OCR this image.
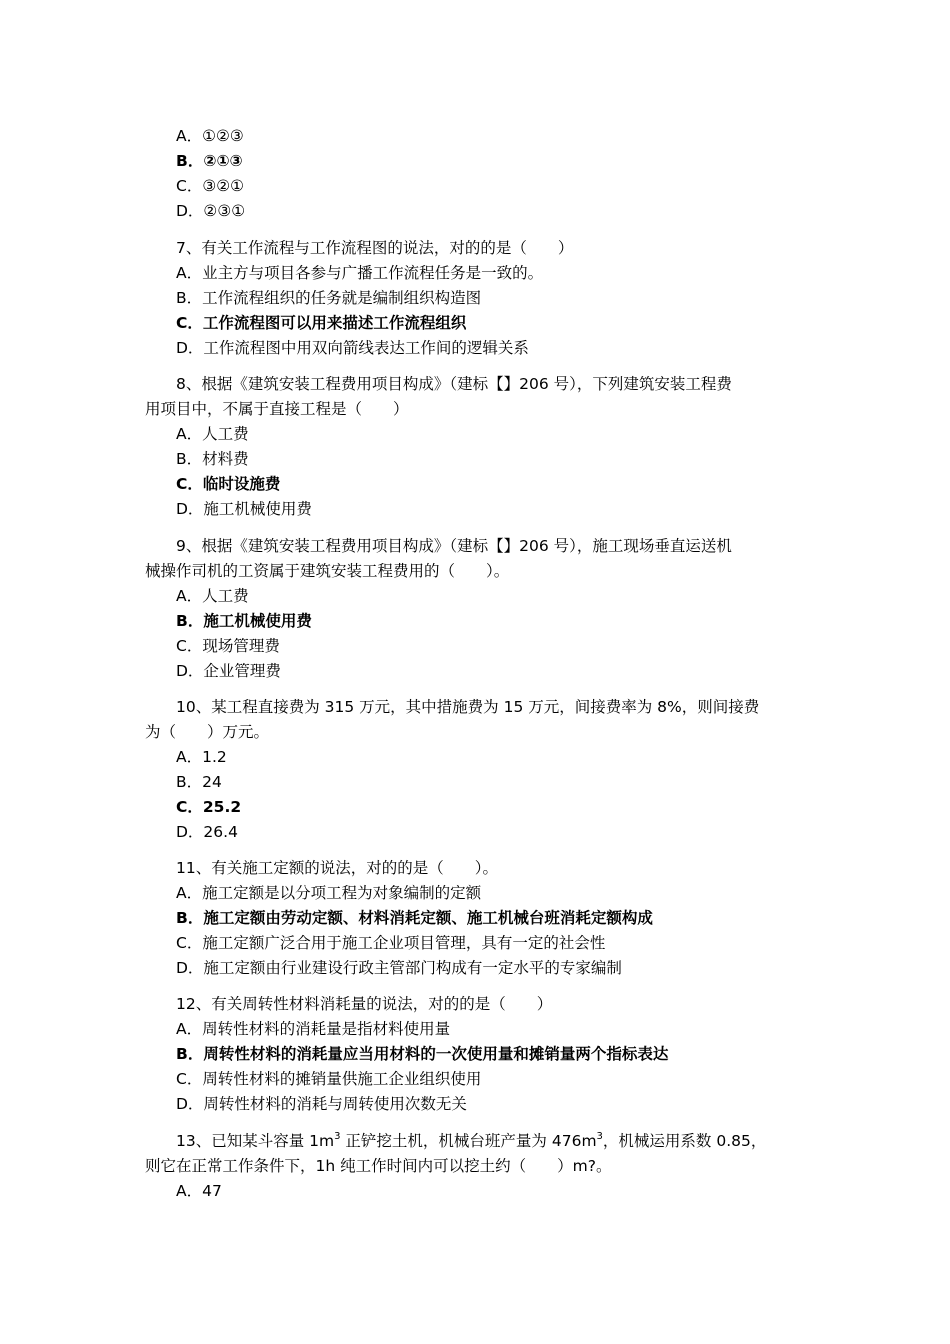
A．①②③
B．②①③
C．③②①
D．②③①
7、有关工作流程与工作流程图的说法，对的的是（　　）
A．业主方与项目各参与广播工作流程任务是一致的。
B．工作流程组织的任务就是编制组织构造图
C．工作流程图可以用来描述工作流程组织
D．工作流程图中用双向箭线表达工作间的逻辑关系
8、根据《建筑安装工程费用项目构成》（建标【】206 号），下列建筑安装工程费
用项目中，不属于直接工程是（　　）
A．人工费
B．材料费
C．临时设施费
D．施工机械使用费
9、根据《建筑安装工程费用项目构成》（建标【】206 号），施工现场垂直运送机
械操作司机的工资属于建筑安装工程费用的（　　）。
A．人工费
B．施工机械使用费
C．现场管理费
D．企业管理费
10、某工程直接费为 315 万元，其中措施费为 15 万元，间接费率为 8%，则间接费
为（　　）万元。
A．1.2
B．24
C．25.2
D．26.4
11、有关施工定额的说法，对的的是（　　）。
A．施工定额是以分项工程为对象编制的定额
B．施工定额由劳动定额、材料消耗定额、施工机械台班消耗定额构成
C．施工定额广泛合用于施工企业项目管理，具有一定的社会性
D．施工定额由行业建设行政主管部门构成有一定水平的专家编制
12、有关周转性材料消耗量的说法，对的的是（　　）
A．周转性材料的消耗量是指材料使用量
B．周转性材料的消耗量应当用材料的一次使用量和摊销量两个指标表达
C．周转性材料的摊销量供施工企业组织使用
D．周转性材料的消耗与周转使用次数无关
13、已知某斗容量 $1m^3$ 正铲挖土机，机械台班产量为 $476m^3$，机械运用系数 0.85，
则它在正常工作条件下，1h 纯工作时间内可以挖土约（　　）m?。
A．47
